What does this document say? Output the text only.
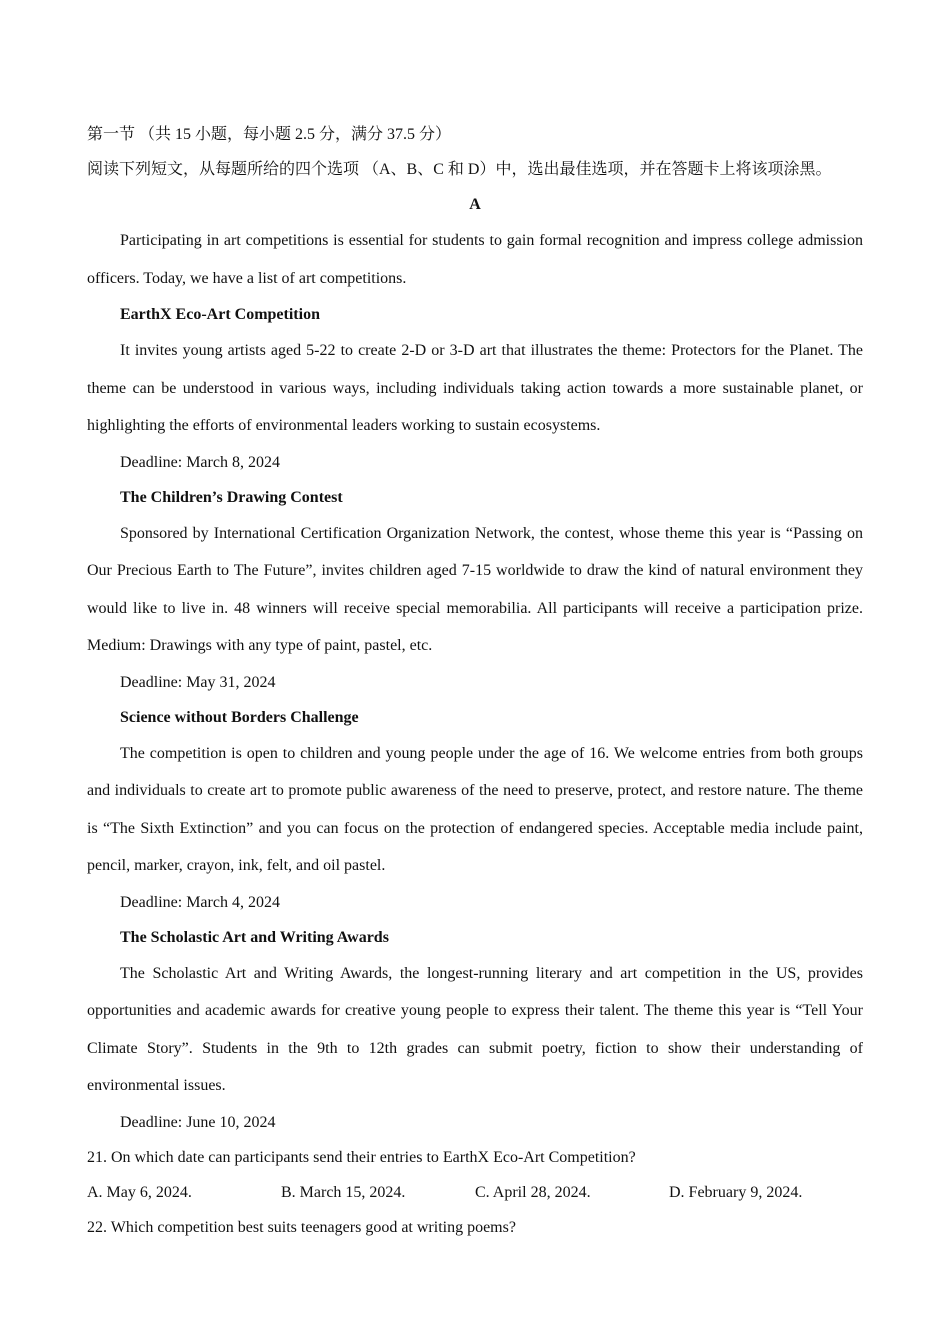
第一节 （共 15 小题，每小题 2.5 分，满分 37.5 分）

阅读下列短文，从每题所给的四个选项 （A、B、C 和 D）中，选出最佳选项，并在答题卡上将该项涂黑。

A

Participating in art competitions is essential for students to gain formal recognition and impress college admission officers. Today, we have a list of art competitions.

EarthX Eco-Art Competition

It invites young artists aged 5-22 to create 2-D or 3-D art that illustrates the theme: Protectors for the Planet. The theme can be understood in various ways, including individuals taking action towards a more sustainable planet, or highlighting the efforts of environmental leaders working to sustain ecosystems.

Deadline: March 8, 2024

The Children’s Drawing Contest

Sponsored by International Certification Organization Network, the contest, whose theme this year is “Passing on Our Precious Earth to The Future”, invites children aged 7-15 worldwide to draw the kind of natural environment they would like to live in. 48 winners will receive special memorabilia. All participants will receive a participation prize. Medium: Drawings with any type of paint, pastel, etc.

Deadline: May 31, 2024

Science without Borders Challenge

The competition is open to children and young people under the age of 16. We welcome entries from both groups and individuals to create art to promote public awareness of the need to preserve, protect, and restore nature. The theme is “The Sixth Extinction” and you can focus on the protection of endangered species. Acceptable media include paint, pencil, marker, crayon, ink, felt, and oil pastel.

Deadline: March 4, 2024

The Scholastic Art and Writing Awards

The Scholastic Art and Writing Awards, the longest-running literary and art competition in the US, provides opportunities and academic awards for creative young people to express their talent. The theme this year is “Tell Your Climate Story”. Students in the 9th to 12th grades can submit poetry, fiction to show their understanding of environmental issues.

Deadline: June 10, 2024

21. On which date can participants send their entries to EarthX Eco-Art Competition?

A. May 6, 2024.	B. March 15, 2024.	C. April 28, 2024.	D. February 9, 2024.

22. Which competition best suits teenagers good at writing poems?
